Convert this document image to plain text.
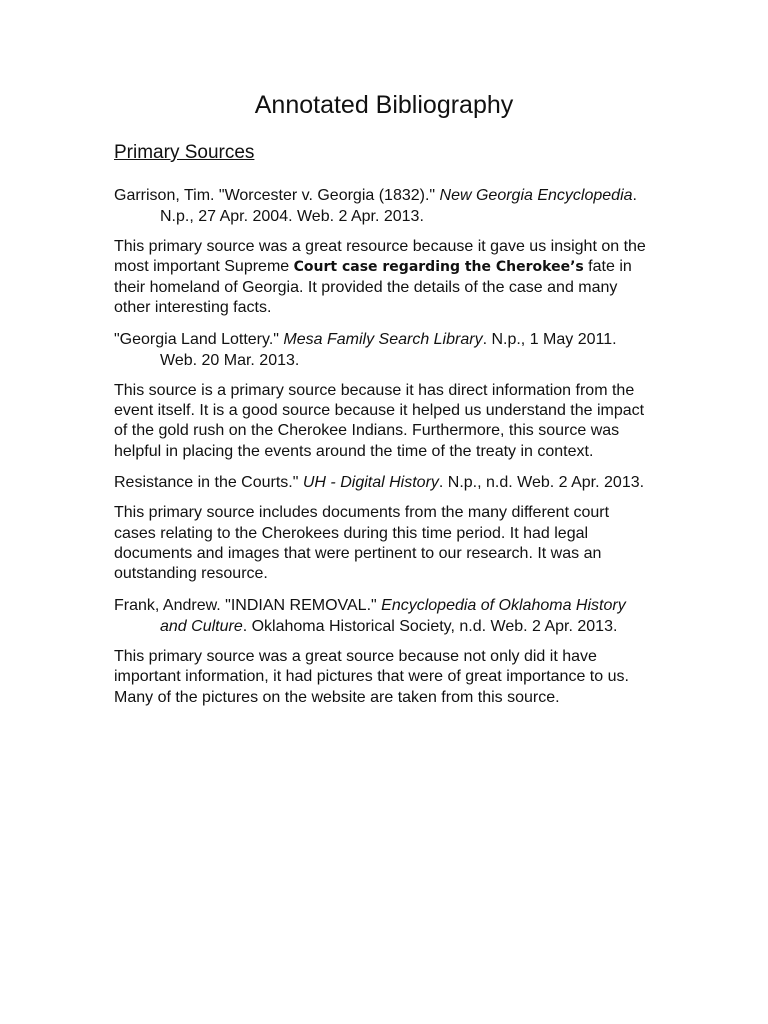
Annotated Bibliography
Primary Sources

Garrison, Tim. "Worcester v. Georgia (1832)." New Georgia Encyclopedia. N.p., 27 Apr. 2004. Web. 2 Apr. 2013.

This primary source was a great resource because it gave us insight on the most important Supreme Court case regarding the Cherokee’s fate in their homeland of Georgia. It provided the details of the case and many other interesting facts.

"Georgia Land Lottery." Mesa Family Search Library. N.p., 1 May 2011. Web. 20 Mar. 2013.

This source is a primary source because it has direct information from the event itself. It is a good source because it helped us understand the impact of the gold rush on the Cherokee Indians. Furthermore, this source was helpful in placing the events around the time of the treaty in context.

Resistance in the Courts." UH - Digital History. N.p., n.d. Web. 2 Apr. 2013.

This primary source includes documents from the many different court cases relating to the Cherokees during this time period. It had legal documents and images that were pertinent to our research. It was an outstanding resource.

Frank, Andrew. "INDIAN REMOVAL." Encyclopedia of Oklahoma History and Culture. Oklahoma Historical Society, n.d. Web. 2 Apr. 2013.

This primary source was a great source because not only did it have important information, it had pictures that were of great importance to us. Many of the pictures on the website are taken from this source.
